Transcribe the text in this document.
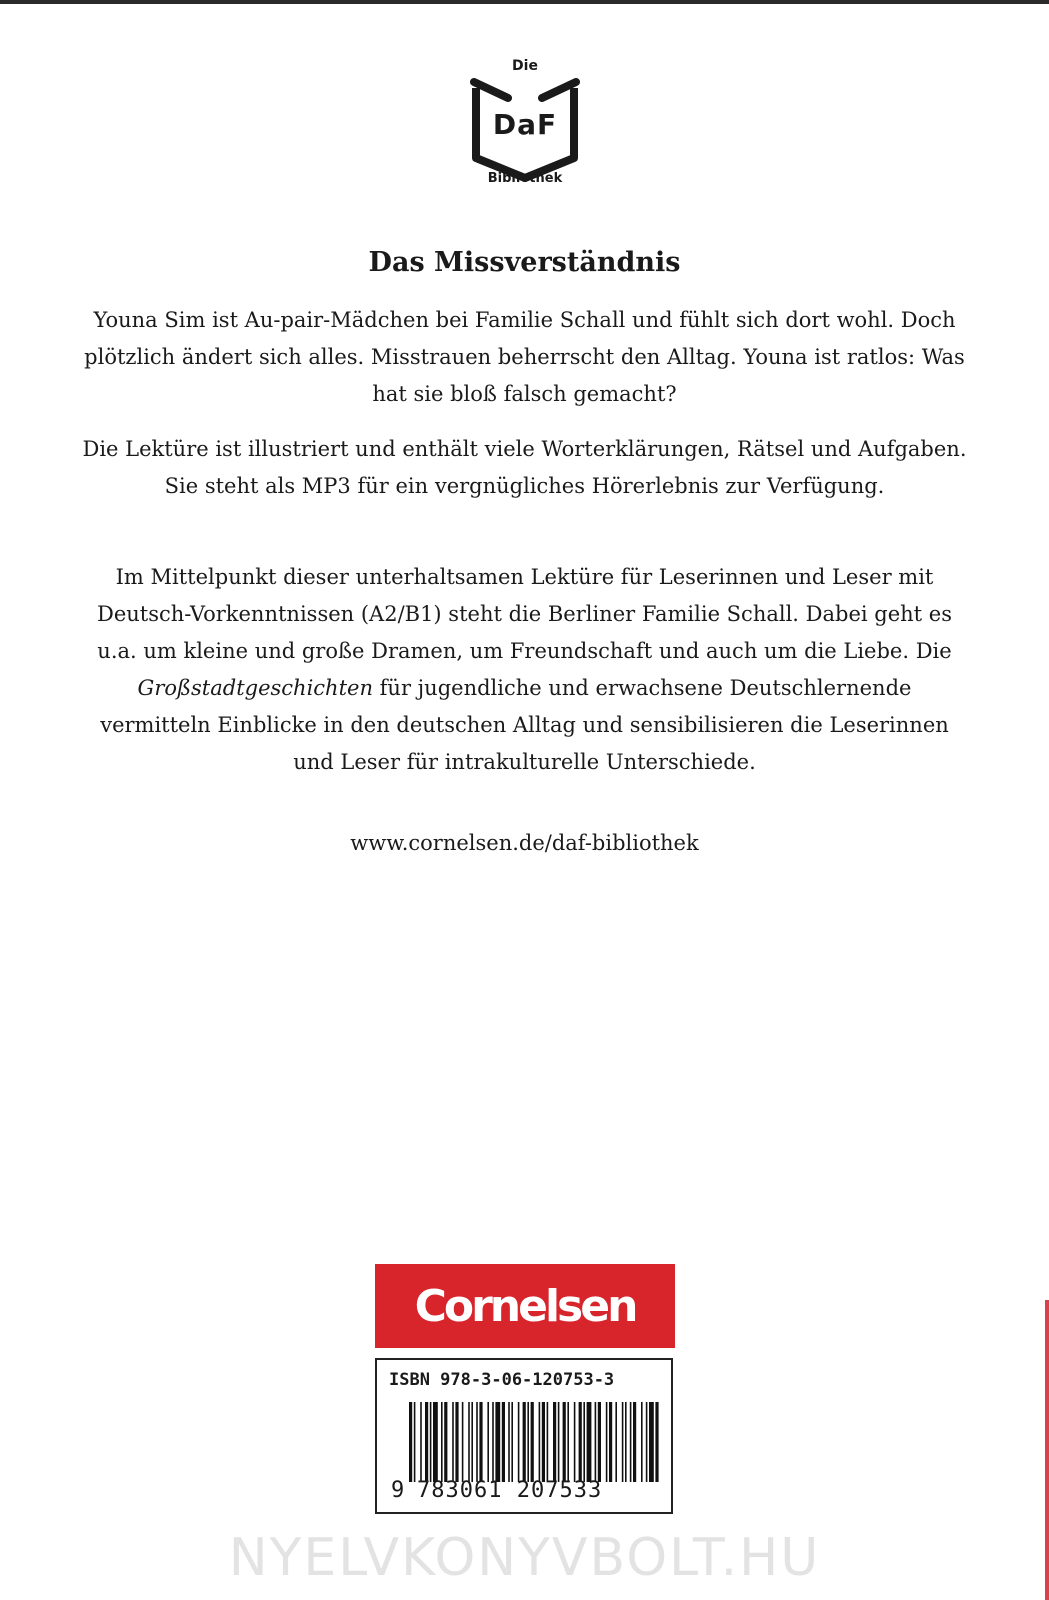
Die
DaF
Bibliothek
Das Missverständnis

Youna Sim ist Au-pair-Mädchen bei Familie Schall und fühlt sich dort wohl. Doch plötzlich ändert sich alles. Misstrauen beherrscht den Alltag. Youna ist ratlos: Was hat sie bloß falsch gemacht?

Die Lektüre ist illustriert und enthält viele Worterklärungen, Rätsel und Aufgaben. Sie steht als MP3 für ein vergnügliches Hörerlebnis zur Verfügung.

Im Mittelpunkt dieser unterhaltsamen Lektüre für Leserinnen und Leser mit Deutsch-Vorkenntnissen (A2/B1) steht die Berliner Familie Schall. Dabei geht es u.a. um kleine und große Dramen, um Freundschaft und auch um die Liebe. Die Großstadtgeschichten für jugendliche und erwachsene Deutschlernende vermitteln Einblicke in den deutschen Alltag und sensibilisieren die Leserinnen und Leser für intrakulturelle Unterschiede.

www.cornelsen.de/daf-bibliothek

Cornelsen
ISBN 978-3-06-120753-3
9 783061 207533
NYELVKONYVBOLT.HU
